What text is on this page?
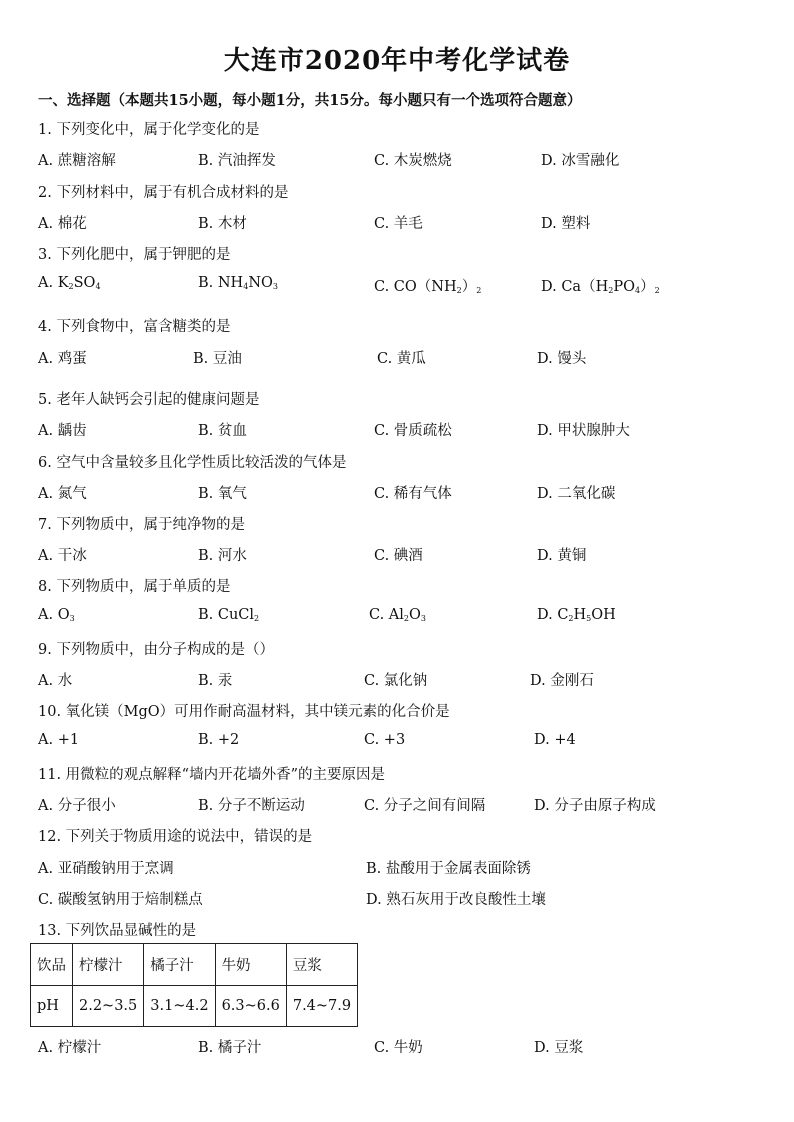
大连市2020年中考化学试卷
一、选择题（本题共15小题，每小题1分，共15分。每小题只有一个选项符合题意）
1. 下列变化中，属于化学变化的是
A. 蔗糖溶解	B. 汽油挥发	C. 木炭燃烧	D. 冰雪融化
2. 下列材料中，属于有机合成材料的是
A. 棉花	B. 木材	C. 羊毛	D. 塑料
3. 下列化肥中，属于钾肥的是
A. $K_2SO_4$	B. $NH_4NO_3$	C. $CO(NH_2)_2$	D. $Ca(H_2PO_4)_2$
4. 下列食物中，富含糖类的是
A. 鸡蛋	B. 豆油	C. 黄瓜	D. 馒头
5. 老年人缺钙会引起的健康问题是
A. 龋齿	B. 贫血	C. 骨质疏松	D. 甲状腺肿大
6. 空气中含量较多且化学性质比较活泼的气体是
A. 氮气	B. 氧气	C. 稀有气体	D. 二氧化碳
7. 下列物质中，属于纯净物的是
A. 干冰	B. 河水	C. 碘酒	D. 黄铜
8. 下列物质中，属于单质的是
A. $O_3$	B. CuCl$_2$	C. $Al_2O_3$	D. $C_2H_5OH$
9. 下列物质中，由分子构成的是（）
A. 水	B. 汞	C. 氯化钠	D. 金刚石
10. 氧化镁（MgO）可用作耐高温材料，其中镁元素的化合价是
A. +1	B. +2	C. +3	D. +4
11. 用微粒的观点解释“墙内开花墙外香”的主要原因是
A. 分子很小	B. 分子不断运动	C. 分子之间有间隔	D. 分子由原子构成
12. 下列关于物质用途的说法中，错误的是
A. 亚硝酸钠用于烹调	B. 盐酸用于金属表面除锈
C. 碳酸氢钠用于焙制糕点	D. 熟石灰用于改良酸性土壤
13. 下列饮品显碱性的是
饮品	柠檬汁	橘子汁	牛奶	豆浆
pH	2.2~3.5	3.1~4.2	6.3~6.6	7.4~7.9
A. 柠檬汁	B. 橘子汁	C. 牛奶	D. 豆浆
